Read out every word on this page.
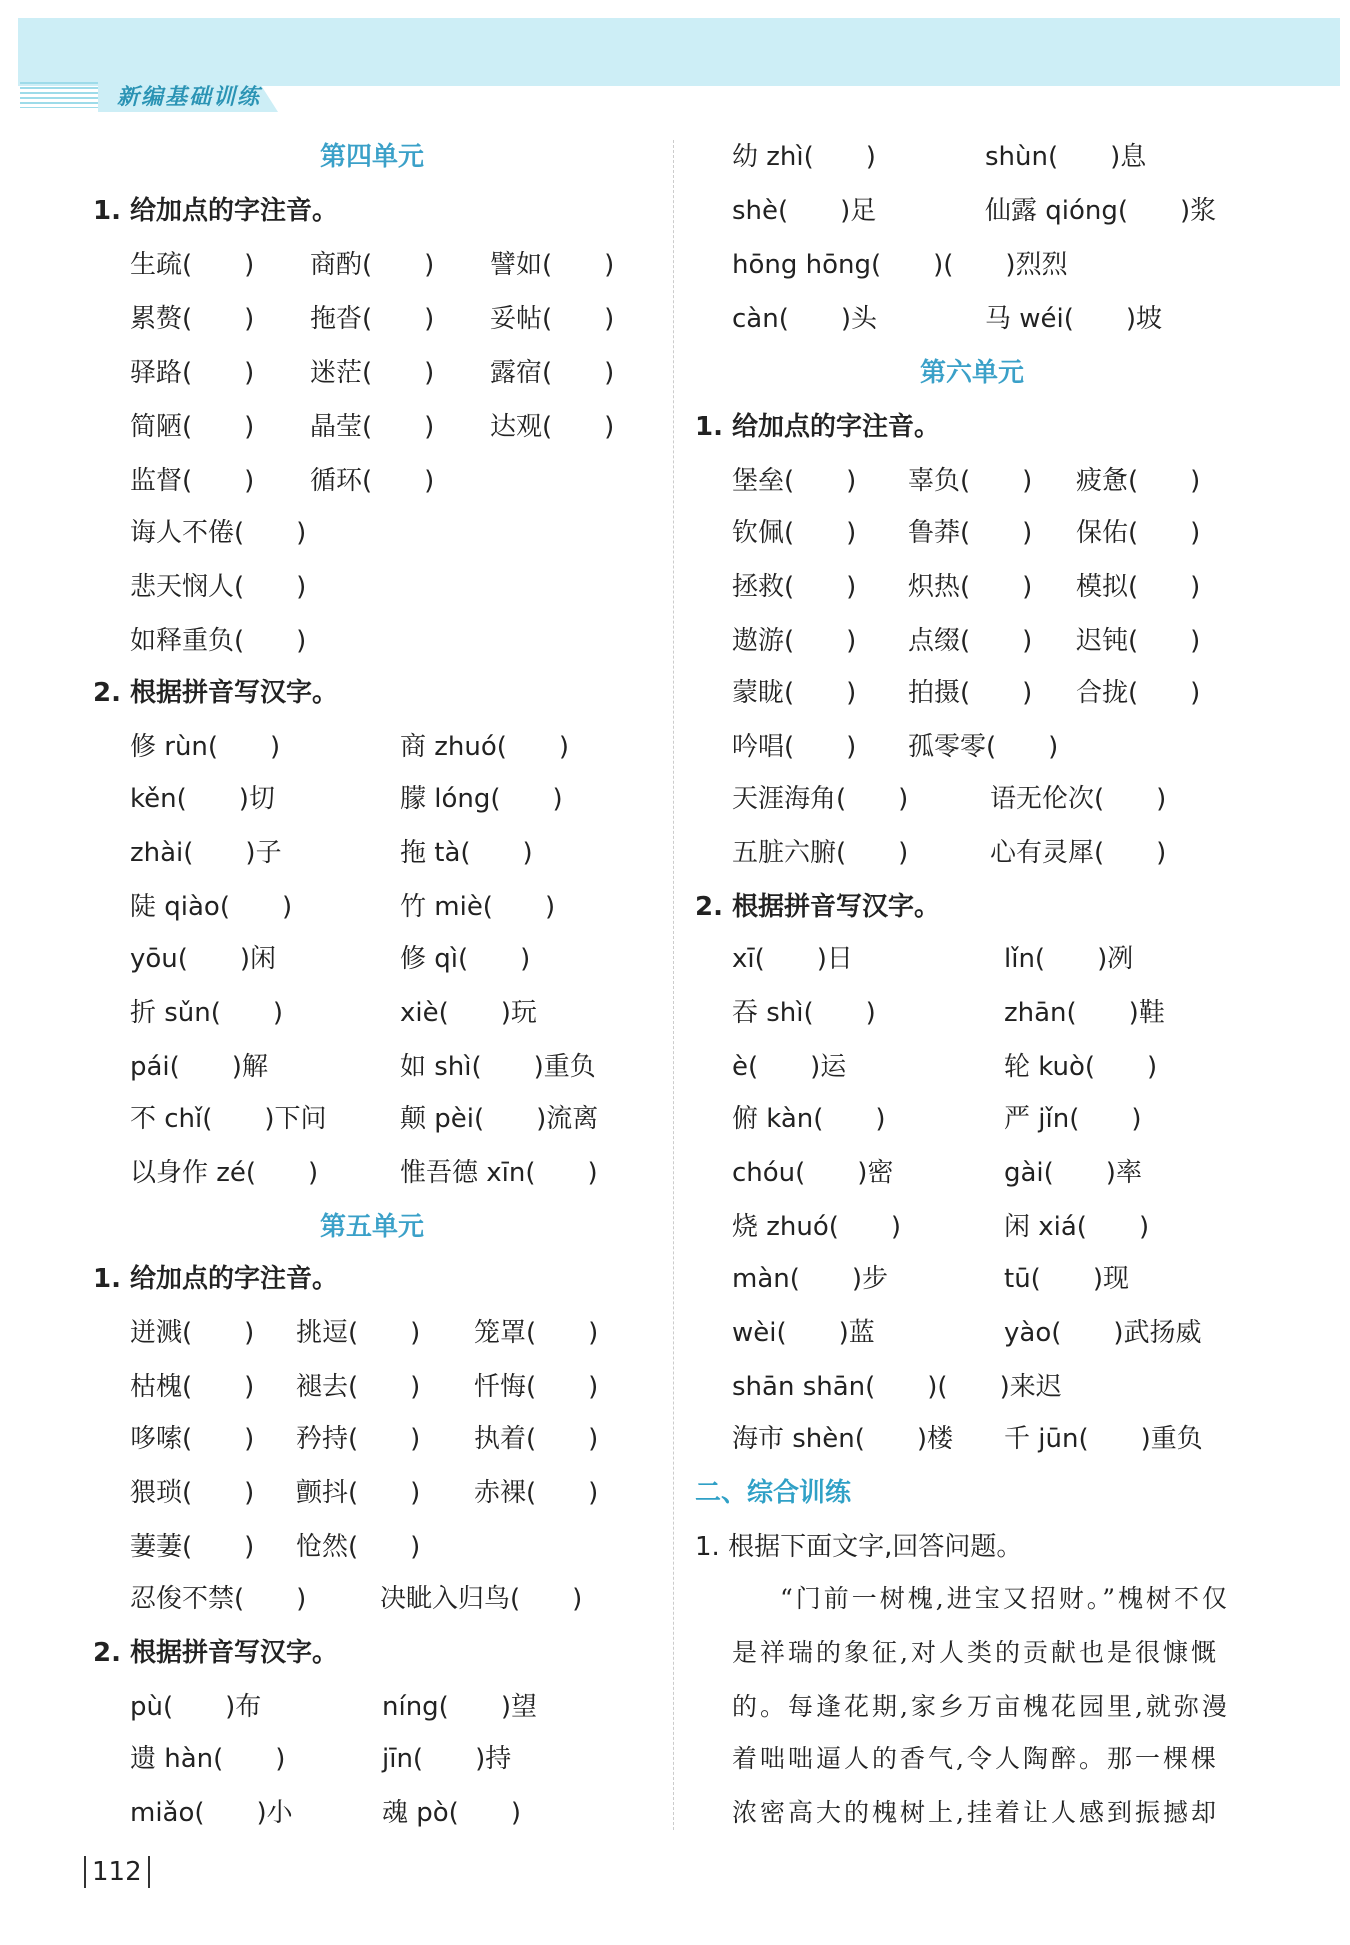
新编基础训练
第四单元
1. 给加点的字注音。
生疏(　　) 商酌(　　) 譬如(　　)
累赘(　　) 拖沓(　　) 妥帖(　　)
驿路(　　) 迷茫(　　) 露宿(　　)
简陋(　　) 晶莹(　　) 达观(　　)
监督(　　) 循环(　　)
诲人不倦(　　)
悲天悯人(　　)
如释重负(　　)
2. 根据拼音写汉字。
修 rùn(　　)	商 zhuó(　　)
kěn(　　)切	朦 lóng(　　)
zhài(　　)子	拖 tà(　　)
陡 qiào(　　)	竹 miè(　　)
yōu(　　)闲	修 qì(　　)
折 sǔn(　　)	xiè(　　)玩
pái(　　)解	如 shì(　　)重负
不 chǐ(　　)下问	颠 pèi(　　)流离
以身作 zé(　　)	惟吾德 xīn(　　)
第五单元
1. 给加点的字注音。
迸溅(　　) 挑逗(　　) 笼罩(　　)
枯槐(　　) 褪去(　　) 忏悔(　　)
哆嗦(　　) 矜持(　　) 执着(　　)
猥琐(　　) 颤抖(　　) 赤裸(　　)
萋萋(　　) 怆然(　　)
忍俊不禁(　　)	决眦入归鸟(　　)
2. 根据拼音写汉字。
pù(　　)布	níng(　　)望
遗 hàn(　　)	jīn(　　)持
miǎo(　　)小	魂 pò(　　)
幼 zhì(　　)	shùn(　　)息
shè(　　)足	仙露 qióng(　　)浆
hōng hōng(　　)(　　)烈烈
càn(　　)头	马 wéi(　　)坡
第六单元
1. 给加点的字注音。
堡垒(　　) 辜负(　　) 疲惫(　　)
钦佩(　　) 鲁莽(　　) 保佑(　　)
拯救(　　) 炽热(　　) 模拟(　　)
遨游(　　) 点缀(　　) 迟钝(　　)
蒙眬(　　) 拍摄(　　) 合拢(　　)
吟唱(　　) 孤零零(　　)
天涯海角(　　)	语无伦次(　　)
五脏六腑(　　)	心有灵犀(　　)
2. 根据拼音写汉字。
xī(　　)日	lǐn(　　)冽
吞 shì(　　)	zhān(　　)鞋
è(　　)运	轮 kuò(　　)
俯 kàn(　　)	严 jǐn(　　)
chóu(　　)密	gài(　　)率
烧 zhuó(　　)	闲 xiá(　　)
màn(　　)步	tū(　　)现
wèi(　　)蓝	yào(　　)武扬威
shān shān(　　)(　　)来迟
海市 shèn(　　)楼 千 jūn(　　)重负
二、综合训练
1. 根据下面文字,回答问题。
“门前一树槐,进宝又招财。”槐树不仅
是祥瑞的象征,对人类的贡献也是很慷慨
的。每逢花期,家乡万亩槐花园里,就弥漫
着咄咄逼人的香气,令人陶醉。那一棵棵
浓密高大的槐树上,挂着让人感到振撼却
112
